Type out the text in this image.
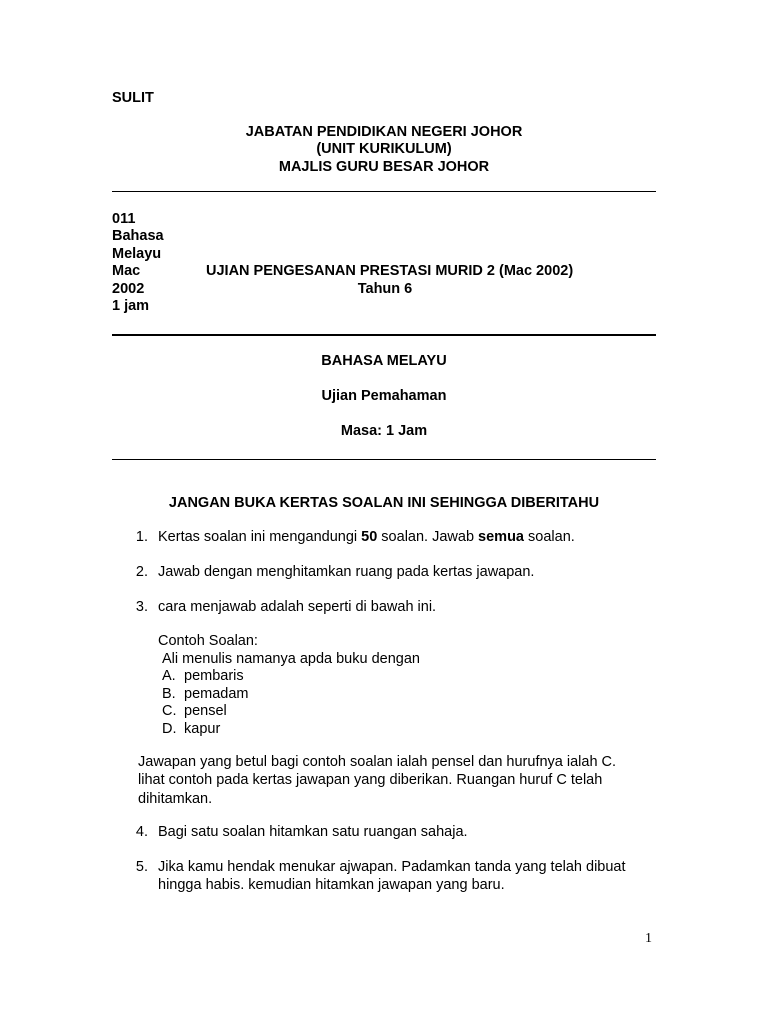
SULIT
JABATAN PENDIDIKAN NEGERI JOHOR
(UNIT KURIKULUM)
MAJLIS GURU BESAR JOHOR
011
Bahasa
Melayu
Mac
2002
1 jam
UJIAN PENGESANAN PRESTASI MURID 2 (Mac 2002)
Tahun 6
BAHASA MELAYU
Ujian Pemahaman
Masa: 1 Jam
JANGAN BUKA KERTAS SOALAN INI SEHINGGA DIBERITAHU
1. Kertas soalan ini mengandungi 50 soalan. Jawab semua soalan.
2. Jawab dengan menghitamkan ruang pada kertas jawapan.
3. cara menjawab adalah seperti di bawah ini.
Contoh Soalan:
Ali menulis namanya apda buku dengan
A. pembaris
B. pemadam
C. pensel
D. kapur
Jawapan yang betul bagi contoh soalan ialah pensel dan hurufnya ialah C.
lihat contoh pada kertas jawapan yang diberikan. Ruangan huruf C telah
dihitamkan.
4. Bagi satu soalan hitamkan satu ruangan sahaja.
5. Jika kamu hendak menukar ajwapan. Padamkan tanda yang telah dibuat
hingga habis. kemudian hitamkan jawapan yang baru.
1
